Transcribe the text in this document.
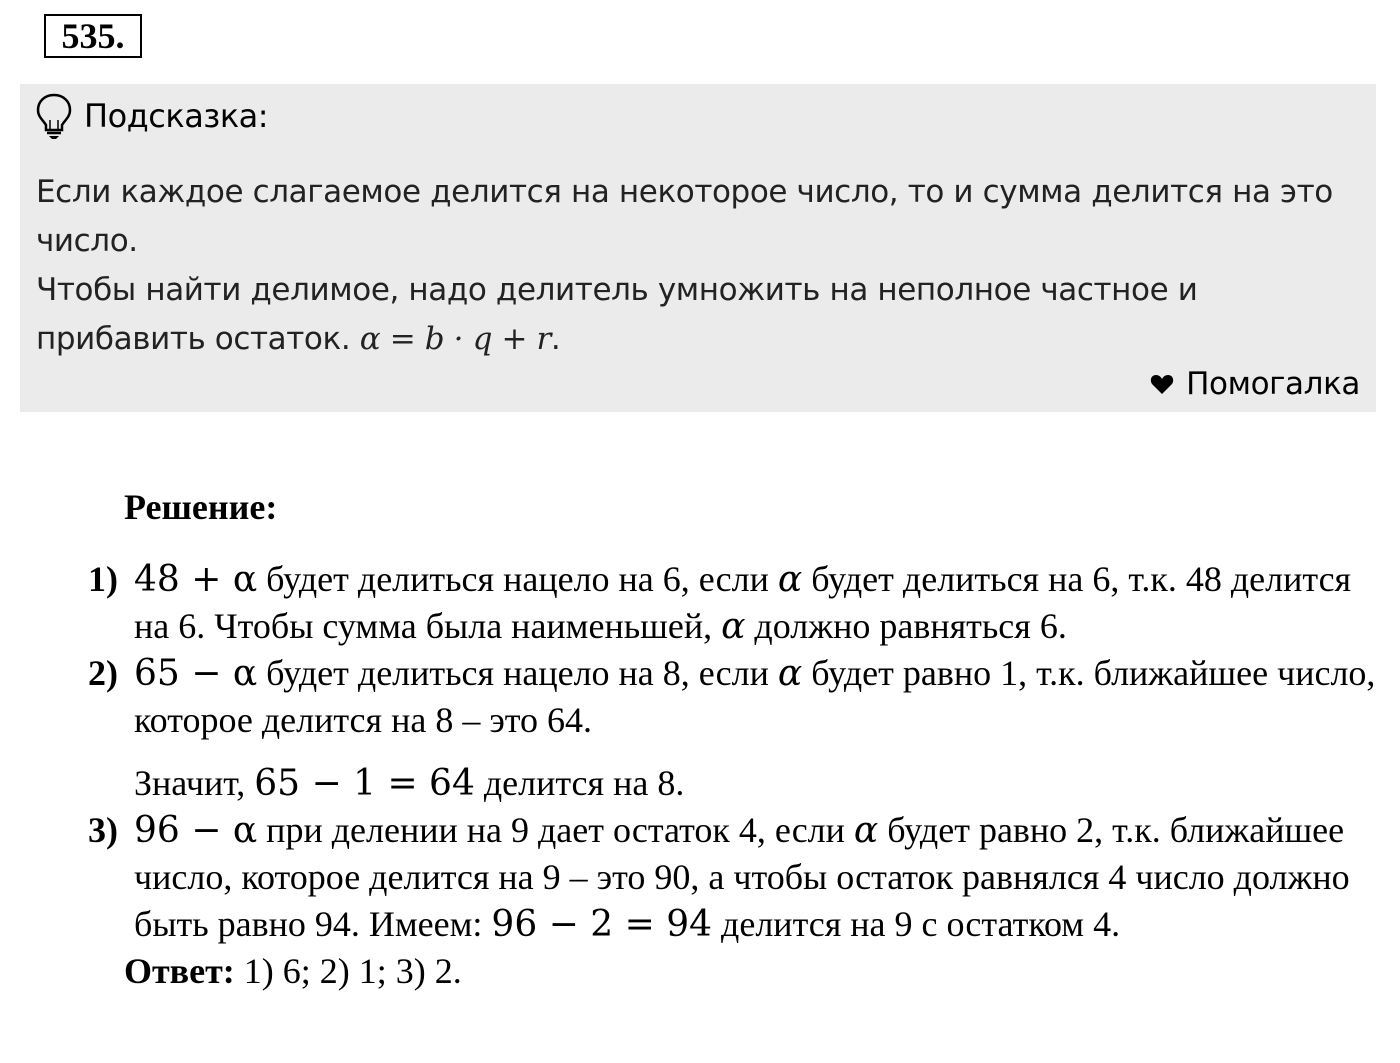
535.
Подсказка:

Если каждое слагаемое делится на некоторое число, то и сумма делится на это число.

Чтобы найти делимое, надо делитель умножить на неполное частное и прибавить остаток. α = b · q + r.

Помогалка
Решение:
1) 48 + α будет делиться нацело на 6, если α будет делиться на 6, т.к. 48 делится на 6. Чтобы сумма была наименьшей, α должно равняться 6.
2) 65 − α будет делиться нацело на 8, если α будет равно 1, т.к. ближайшее число, которое делится на 8 – это 64.
Значит, 65 − 1 = 64 делится на 8.
3) 96 − α при делении на 9 дает остаток 4, если α будет равно 2, т.к. ближайшее число, которое делится на 9 – это 90, а чтобы остаток равнялся 4 число должно быть равно 94. Имеем: 96 − 2 = 94 делится на 9 с остатком 4.
Ответ: 1) 6; 2) 1; 3) 2.
